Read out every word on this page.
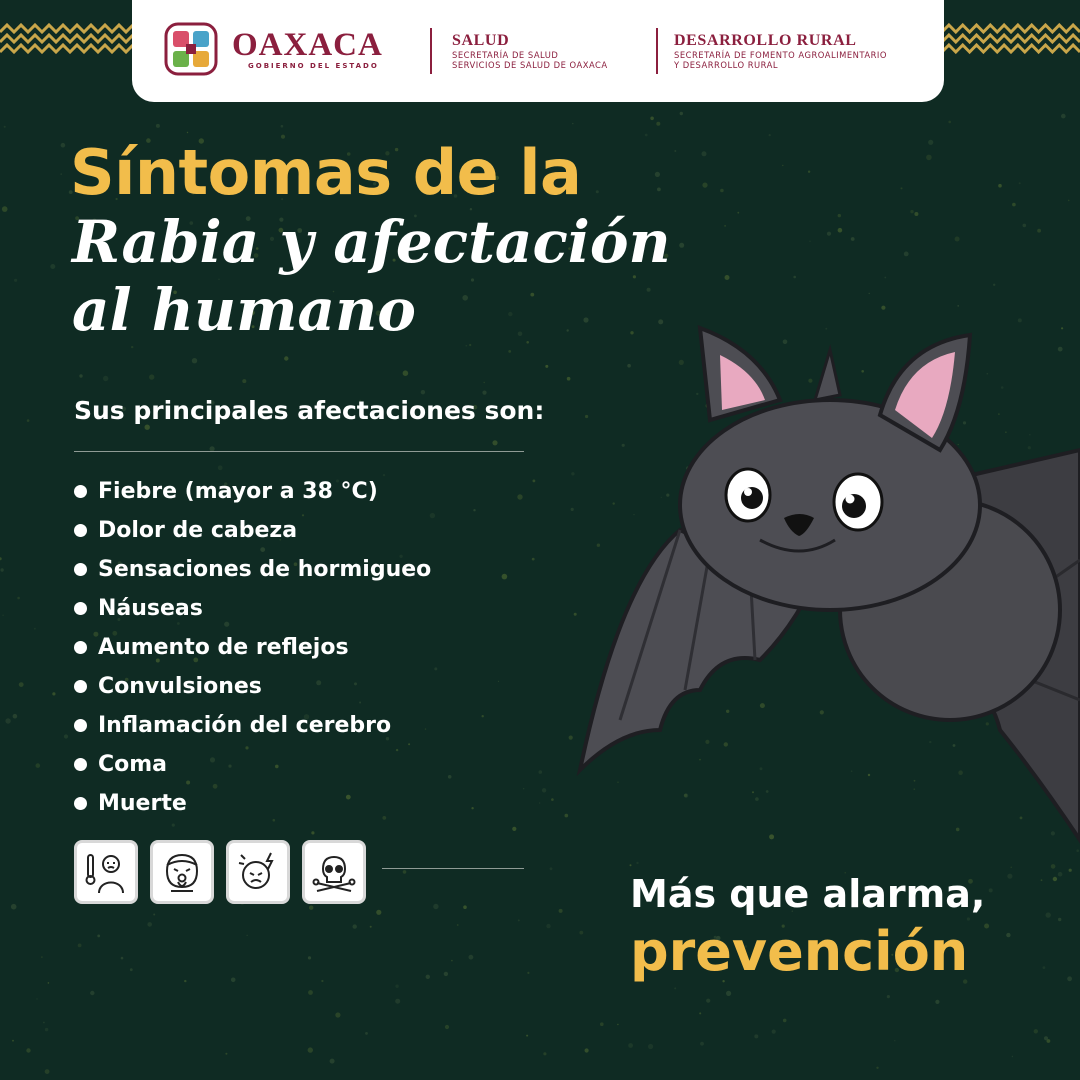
OAXACA
GOBIERNO DEL ESTADO
SALUD
SECRETARÍA DE SALUD
SERVICIOS DE SALUD DE OAXACA
DESARROLLO RURAL
SECRETARÍA DE FOMENTO AGROALIMENTARIO
Y DESARROLLO RURAL
Síntomas de la
Rabia y afectación
al humano
Sus principales afectaciones son:
Fiebre (mayor a 38 °C)
Dolor de cabeza
Sensaciones de hormigueo
Náuseas
Aumento de reflejos
Convulsiones
Inflamación del cerebro
Coma
Muerte
Más que alarma,
prevención
